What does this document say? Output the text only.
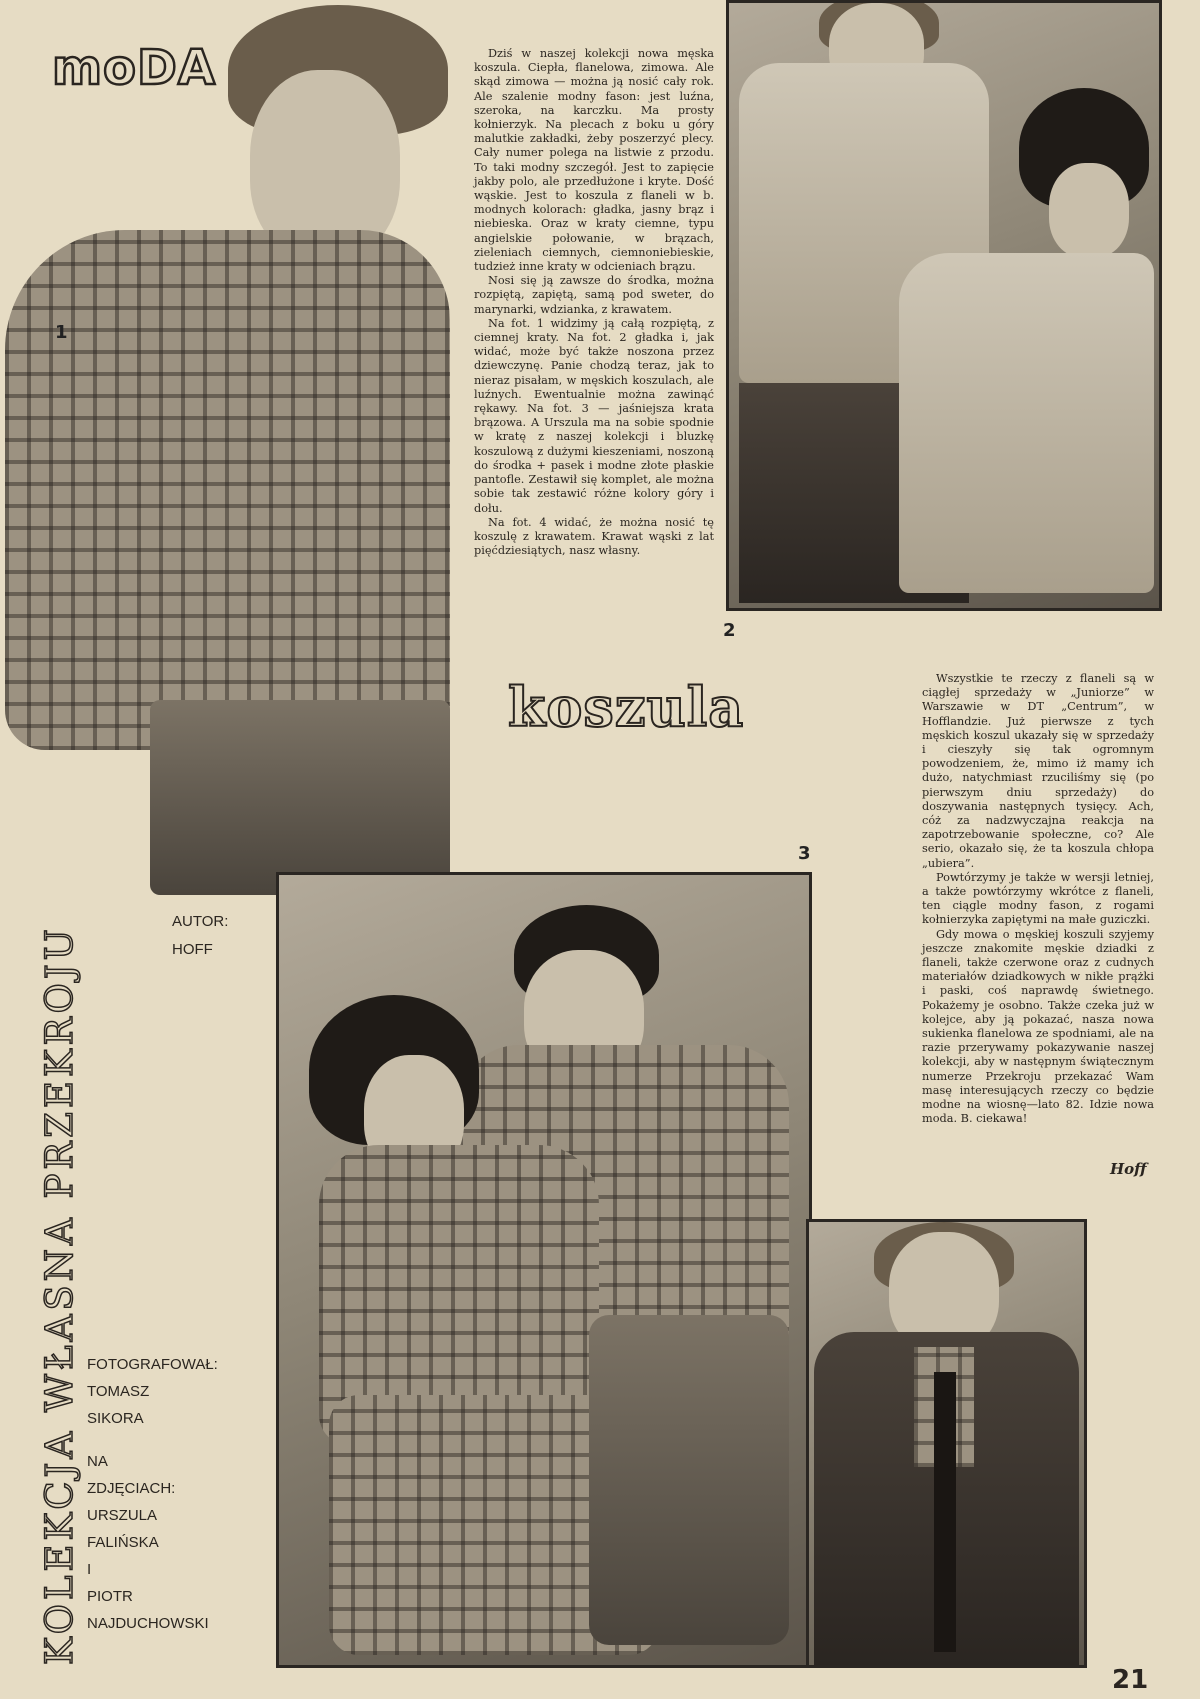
moDA
1

Dziś w naszej kolekcji nowa męska koszula. Ciepła, flanelowa, zimowa. Ale skąd zimowa — można ją nosić cały rok. Ale szalenie modny fason: jest luźna, szeroka, na karczku. Ma prosty kołnierzyk. Na plecach z boku u góry malutkie zakładki, żeby poszerzyć plecy. Cały numer polega na listwie z przodu. To taki modny szczegół. Jest to zapięcie jakby polo, ale przedłużone i kryte. Dość wąskie. Jest to koszula z flaneli w b. modnych kolorach: gładka, jasny brąz i niebieska. Oraz w kraty ciemne, typu angielskie połowanie, w brązach, zieleniach ciemnych, ciemnoniebieskie, tudzież inne kraty w odcieniach brązu.

Nosi się ją zawsze do środka, można rozpiętą, zapiętą, samą pod sweter, do marynarki, wdzianka, z krawatem.

Na fot. 1 widzimy ją całą rozpiętą, z ciemnej kraty. Na fot. 2 gładka i, jak widać, może być także noszona przez dziewczynę. Panie chodzą teraz, jak to nieraz pisałam, w męskich koszulach, ale luźnych. Ewentualnie można zawinąć rękawy. Na fot. 3 — jaśniejsza krata brązowa. A Urszula ma na sobie spodnie w kratę z naszej kolekcji i bluzkę koszulową z dużymi kieszeniami, noszoną do środka + pasek i modne złote płaskie pantofle. Zestawił się komplet, ale można sobie tak zestawić różne kolory góry i dołu.

Na fot. 4 widać, że można nosić tę koszulę z krawatem. Krawat wąski z lat pięćdziesiątych, nasz własny.

2
koszula	Wszystkie te rzeczy z flaneli są w ciągłej sprzedaży w „Juniorze” w Warszawie w DT „Centrum”, w Hofflandzie. Już pierwsze z tych męskich koszul ukazały się w sprzedaży i cieszyły się tak ogromnym powodzeniem, że, mimo iż mamy ich dużo, natychmiast rzuciliśmy się (po pierwszym dniu sprzedaży) do doszywania następnych tysięcy. Ach, cóż za nadzwyczajna reakcja na zapotrzebowanie społeczne, co? Ale serio, okazało się, że ta koszula chłopa „ubiera”.

Powtórzymy je także w wersji letniej, a także powtórzymy wkrótce z flaneli, ten ciągle modny fason, z rogami kołnierzyka zapiętymi na małe guziczki.

Gdy mowa o męskiej koszuli szyjemy jeszcze znakomite męskie dziadki z flaneli, także czerwone oraz z cudnych materiałów dziadkowych w nikłe prążki i paski, coś naprawdę świetnego. Pokażemy je osobno. Także czeka już w kolejce, aby ją pokazać, nasza nowa sukienka flanelowa ze spodniami, ale na razie przerywamy pokazywanie naszej kolekcji, aby w następnym świątecznym numerze Przekroju przekazać Wam masę interesujących rzeczy co będzie modne na wiosnę—lato 82. Idzie nowa moda. B. ciekawa!

Hoff
3
AUTOR:
HOFF
FOTOGRAFOWAŁ:
TOMASZ
SIKORA
NA
ZDJĘCIACH:
URSZULA
FALIŃSKA
I
PIOTR
NAJDUCHOWSKI
KOLEKCJA WŁASNA PRZEKROJU
21
